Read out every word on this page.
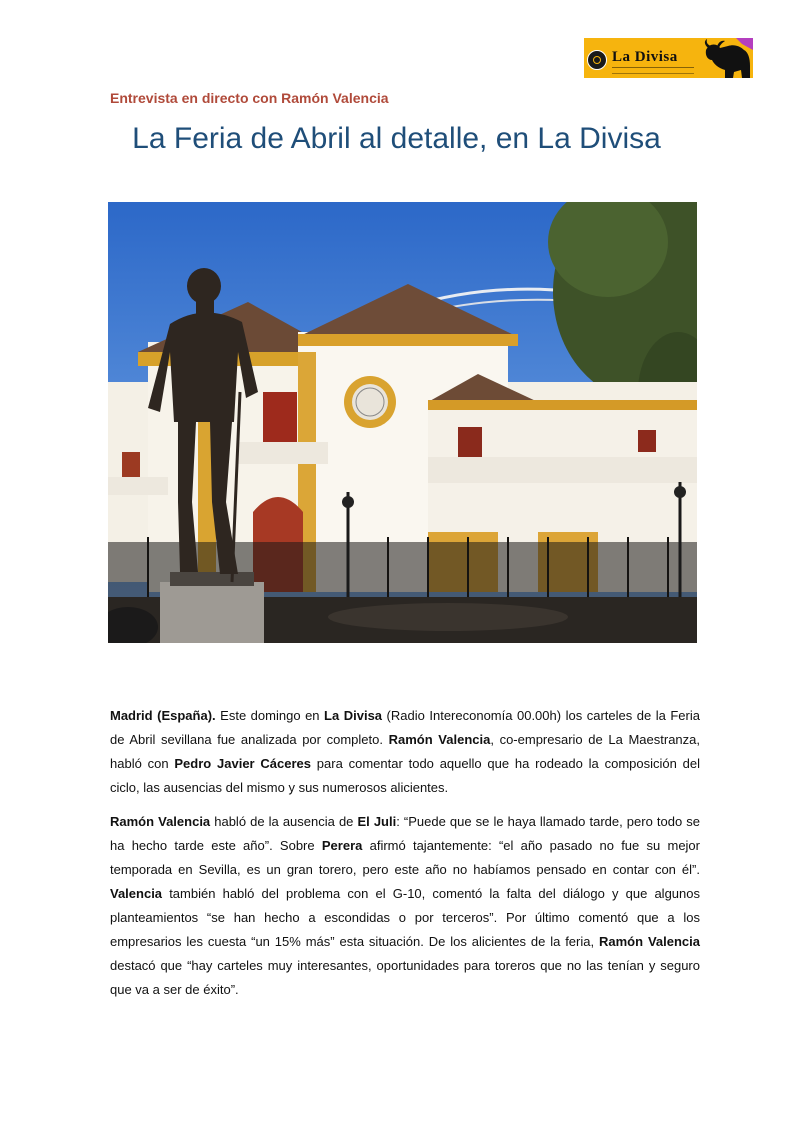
La Divisa
Entrevista en directo con Ramón Valencia
La Feria de Abril al detalle, en La Divisa

Madrid (España). Este domingo en La Divisa (Radio Intereconomía 00.00h) los carteles de la Feria de Abril sevillana fue analizada por completo. Ramón Valencia, co-empresario de La Maestranza, habló con Pedro Javier Cáceres para comentar todo aquello que ha rodeado la composición del ciclo, las ausencias del mismo y sus numerosos alicientes.

Ramón Valencia habló de la ausencia de El Juli: “Puede que se le haya llamado tarde, pero todo se ha hecho tarde este año”. Sobre Perera afirmó tajantemente: “el año pasado no fue su mejor temporada en Sevilla, es un gran torero, pero este año no habíamos pensado en contar con él”. Valencia también habló del problema con el G-10, comentó la falta del diálogo y que algunos planteamientos “se han hecho a escondidas o por terceros”. Por último comentó que a los empresarios les cuesta “un 15% más” esta situación. De los alicientes de la feria, Ramón Valencia destacó que “hay carteles muy interesantes, oportunidades para toreros que no las tenían y seguro que va a ser de éxito”.
